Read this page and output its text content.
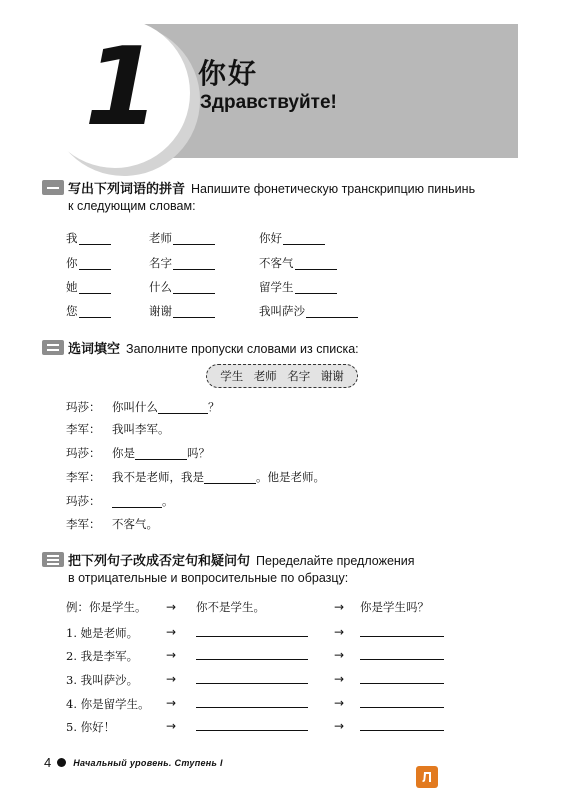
1 你好
Здравствуйте!
写出下列词语的拼音 Напишите фонетическую транскрипцию пиньинь
к следующим словам:
我	老师	你好
你	名字	不客气
她	什么	留学生
您	谢谢	我叫萨沙
选词填空 Заполните пропуски словами из списка:
学生 老师 名字 谢谢
玛莎：	你叫什么	？
李军：	我叫李军。
玛莎：	你是	吗？
李军：	我不是老师，我是	。他是老师。
玛莎：	。
李军：	不客气。
把下列句子改成否定句和疑问句 Переделайте предложения
в отрицательные и вопросительные по образцу:
例：你是学生。 → 你不是学生。	→ 你是学生吗？
1. 她是老师。 →	→
2. 我是李军。 →	→
3. 我叫萨沙。 →	→
4. 你是留学生。 →	→
5. 你好！	→	→
4 Начальный уровень. Ступень I
